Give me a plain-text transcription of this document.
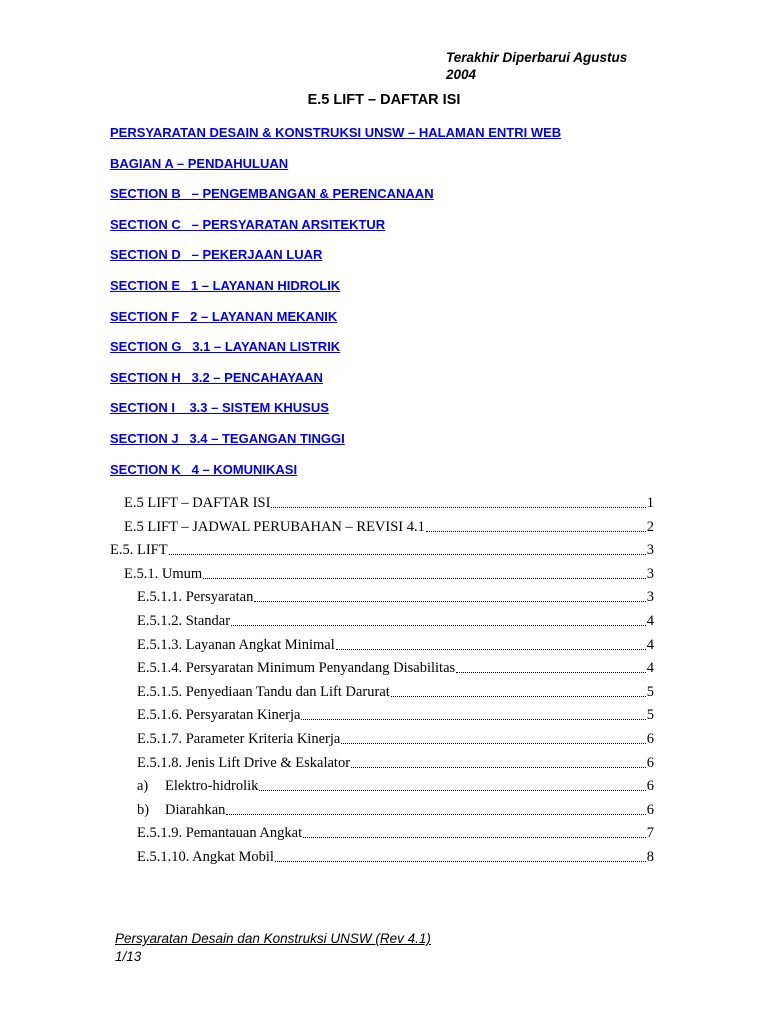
Terakhir Diperbarui Agustus
2004
E.5 LIFT – DAFTAR ISI
PERSYARATAN DESAIN & KONSTRUKSI UNSW – HALAMAN ENTRI WEB
BAGIAN A – PENDAHULUAN
SECTION B   – PENGEMBANGAN & PERENCANAAN
SECTION C   – PERSYARATAN ARSITEKTUR
SECTION D   – PEKERJAAN LUAR
SECTION E   1 – LAYANAN HIDROLIK
SECTION F   2 – LAYANAN MEKANIK
SECTION G   3.1 – LAYANAN LISTRIK
SECTION H   3.2 – PENCAHAYAAN
SECTION I    3.3 – SISTEM KHUSUS
SECTION J   3.4 – TEGANGAN TINGGI
SECTION K   4 – KOMUNIKASI
E.5 LIFT – DAFTAR ISI	1
E.5 LIFT – JADWAL PERUBAHAN – REVISI 4.1	2
E.5. LIFT	3
E.5.1. Umum	3
E.5.1.1. Persyaratan	3
E.5.1.2. Standar	4
E.5.1.3. Layanan Angkat Minimal	4
E.5.1.4. Persyaratan Minimum Penyandang Disabilitas	4
E.5.1.5. Penyediaan Tandu dan Lift Darurat	5
E.5.1.6. Persyaratan Kinerja	5
E.5.1.7. Parameter Kriteria Kinerja	6
E.5.1.8. Jenis Lift Drive & Eskalator	6
a) Elektro-hidrolik	6
b) Diarahkan	6
E.5.1.9. Pemantauan Angkat	7
E.5.1.10. Angkat Mobil	8
Persyaratan Desain dan Konstruksi UNSW (Rev 4.1)
1/13
